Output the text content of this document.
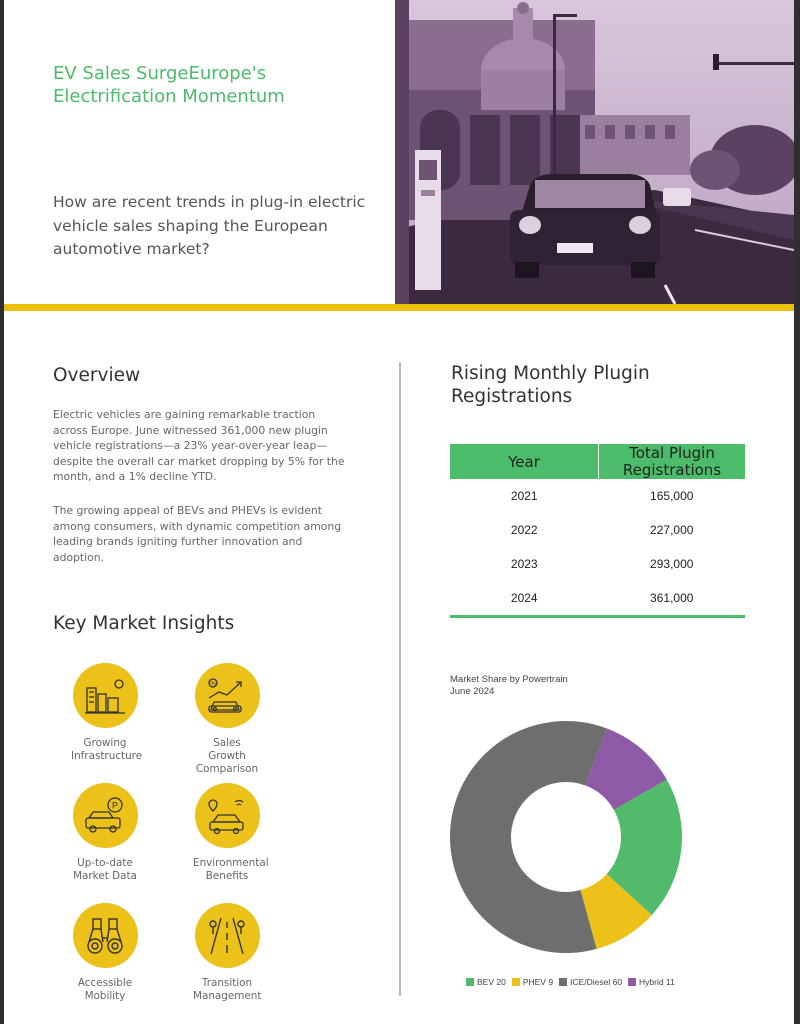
EV Sales SurgeEurope's Electrification Momentum

How are recent trends in plug-in electric vehicle sales shaping the European automotive market?

Overview

Electric vehicles are gaining remarkable traction across Europe. June witnessed 361,000 new plugin vehicle registrations—a 23% year-over-year leap—despite the overall car market dropping by 5% for the month, and a 1% decline YTD.

The growing appeal of BEVs and PHEVs is evident among consumers, with dynamic competition among leading brands igniting further innovation and adoption.

Key Market Insights
Growing Infrastructure
%
Sales Growth Comparison
P
Up-to-date Market Data
Environmental Benefits
Accessible Mobility
Transition Management
Rising Monthly Plugin Registrations
Year	Total Plugin Registrations
2021	165,000
2022	227,000
2023	293,000
2024	361,000

Market Share by Powertrain
June 2024

BEV 20 PHEV 9 ICE/Diesel 60 Hybrid 11
